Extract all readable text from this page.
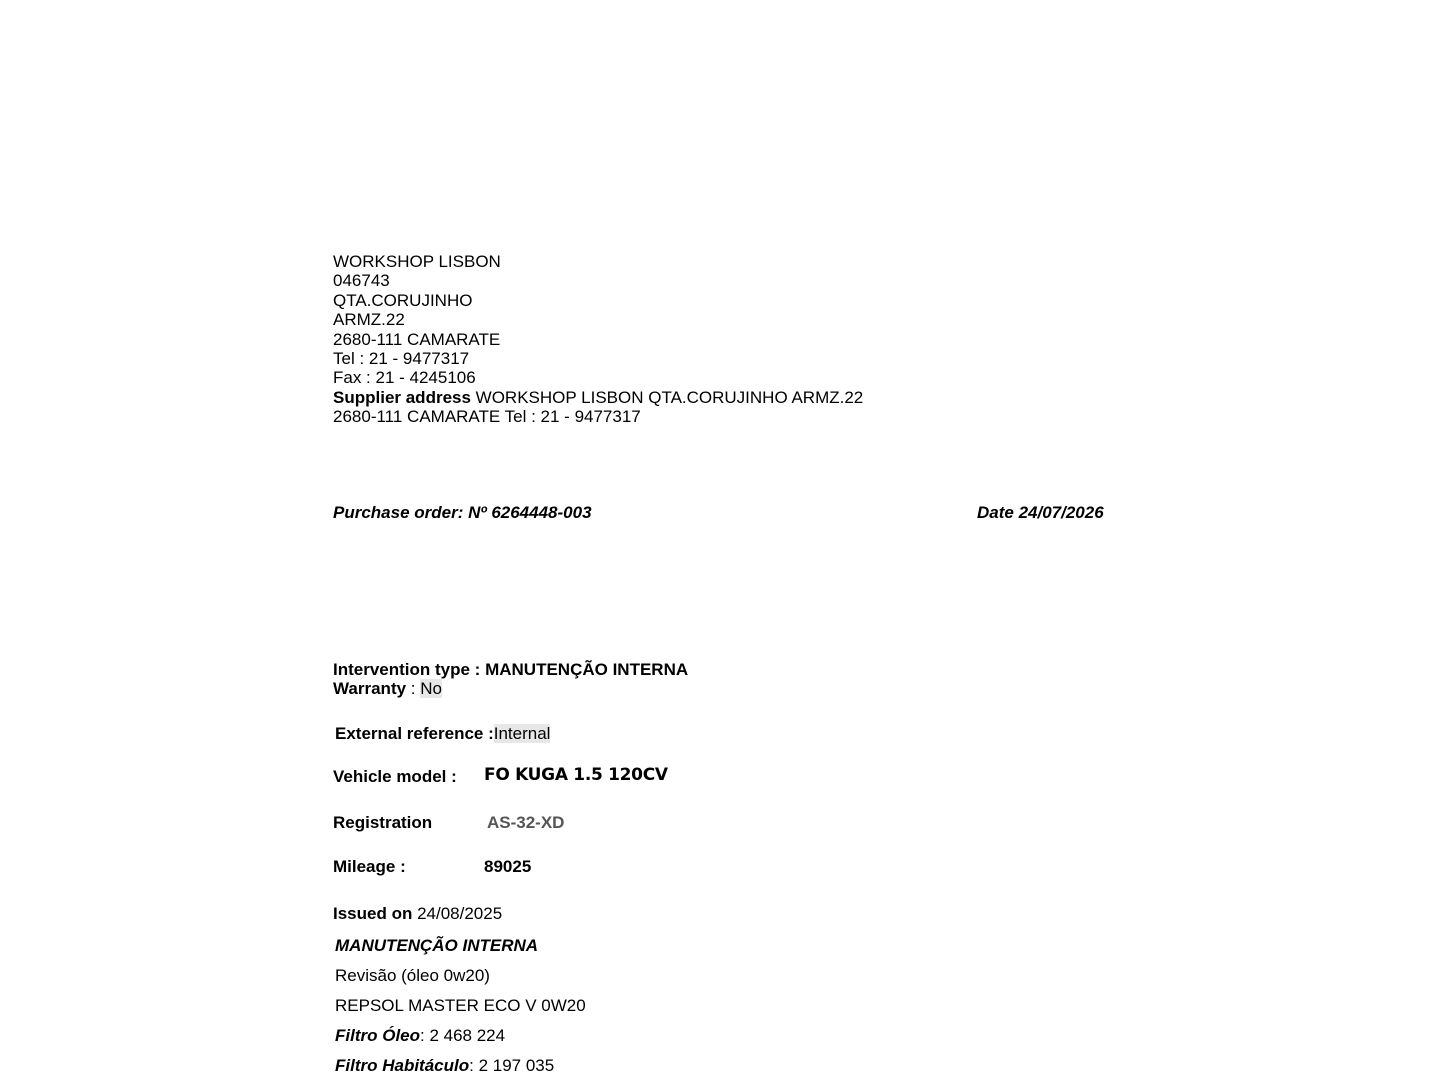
WORKSHOP LISBON
046743
QTA.CORUJINHO
ARMZ.22
2680-111 CAMARATE
Tel : 21 - 9477317
Fax : 21 - 4245106
Supplier address WORKSHOP LISBON QTA.CORUJINHO ARMZ.22
2680-111 CAMARATE Tel : 21 - 9477317
Purchase order: Nº 6264448-003	Date 24/07/2026
Intervention type : MANUTENÇÃO INTERNA
Warranty : No
External reference :Internal
Vehicle model : FO KUGA 1.5 120CV
Registration	AS-32-XD
Mileage :	89025
Issued on 24/08/2025
MANUTENÇÃO INTERNA
Revisão (óleo 0w20)
REPSOL MASTER ECO V 0W20
Filtro Óleo: 2 468 224
Filtro Habitáculo: 2 197 035
